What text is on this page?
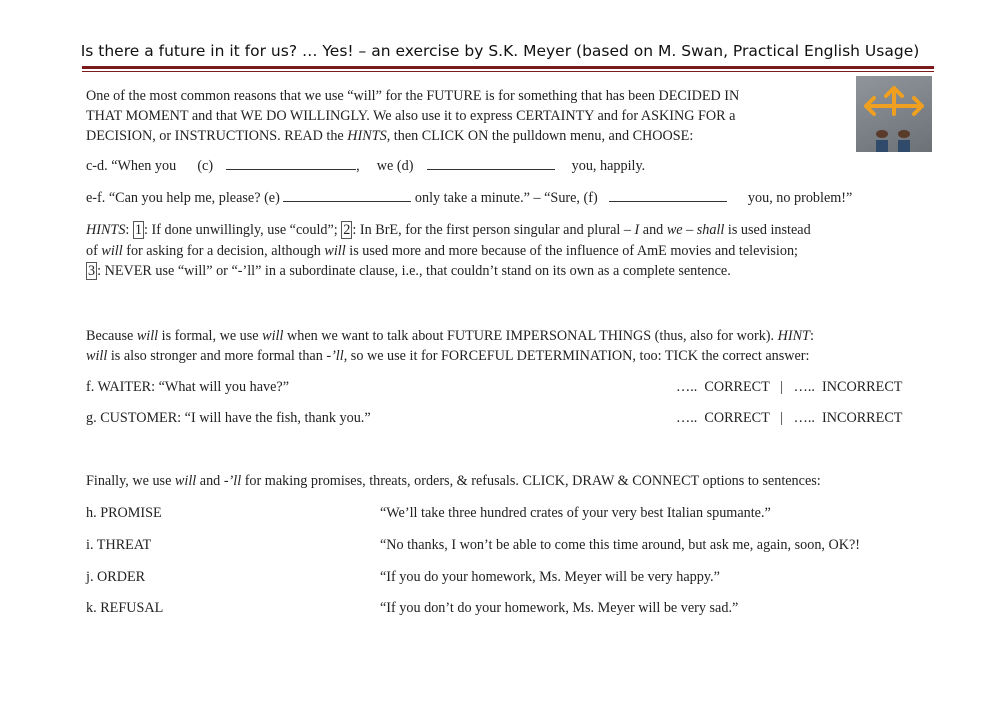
Is there a future in it for us? … Yes! – an exercise by S.K. Meyer (based on M. Swan, Practical English Usage)
One of the most common reasons that we use “will” for the FUTURE is for something that has been DECIDED IN
THAT MOMENT and that WE DO WILLINGLY. We also use it to express CERTAINTY and for ASKING FOR a
DECISION, or INSTRUCTIONS. READ the HINTS, then CLICK ON the pulldown menu, and CHOOSE:
c-d. “When you (c)	, we (d)	you, happily.
e-f. “Can you help me, please? (e)	only take a minute.” – “Sure, (f)	you, no problem!”
HINTS: 1 : If done unwillingly, use “could”; 2 : In BrE, for the first person singular and plural – I and we – shall is used instead
of will for asking for a decision, although will is used more and more because of the influence of AmE movies and television;
3 : NEVER use “will” or “-’ll” in a subordinate clause, i.e., that couldn’t stand on its own as a complete sentence.
Because will is formal, we use will when we want to talk about FUTURE IMPERSONAL THINGS (thus, also for work). HINT:
will is also stronger and more formal than -’ll, so we use it for FORCEFUL DETERMINATION, too: TICK the correct answer:
f. WAITER: “What will you have?”	…..  CORRECT   |   …..  INCORRECT
g. CUSTOMER: “I will have the fish, thank you.”	…..  CORRECT   |   …..  INCORRECT
Finally, we use will and -’ll for making promises, threats, orders, & refusals. CLICK, DRAW & CONNECT options to sentences:
h. PROMISE	“We’ll take three hundred crates of your very best Italian spumante.”
i. THREAT	“No thanks, I won’t be able to come this time around, but ask me, again, soon, OK?!
j. ORDER	“If you do your homework, Ms. Meyer will be very happy.”
k. REFUSAL	“If you don’t do your homework, Ms. Meyer will be very sad.”
